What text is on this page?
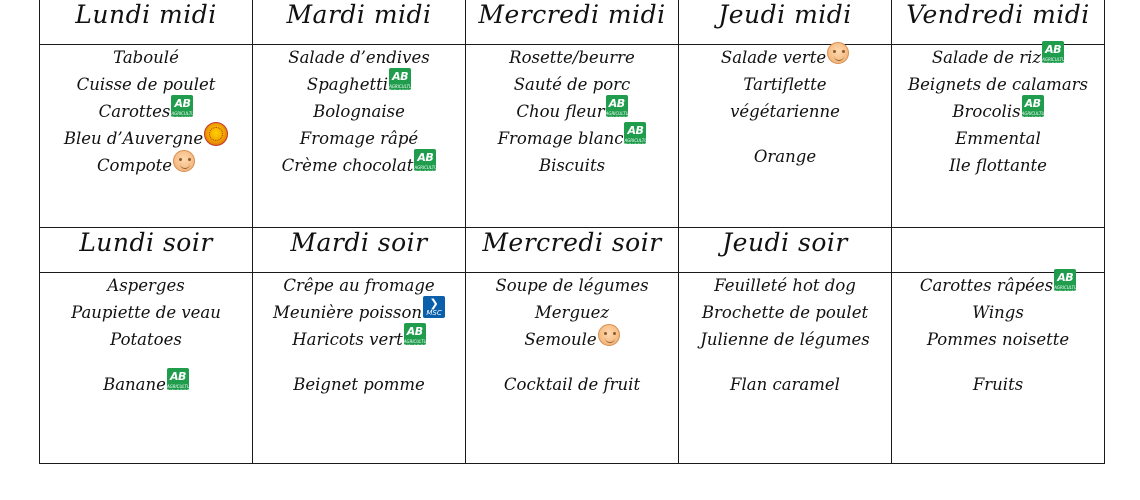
Lundi midi	Mardi midi	Mercredi midi	Jeudi midi	Vendredi midi

Taboulé
Cuisse de poulet
Carottes AB
AGRICULTURE
BIOLOGIQUE
Bleu d’Auvergne
Compote

Salade d’endives
Spaghetti AB
AGRICULTURE
BIOLOGIQUE
Bolognaise
Fromage râpé
Crème chocolat AB
AGRICULTURE
BIOLOGIQUE

Rosette/beurre
Sauté de porc
Chou fleur AB
AGRICULTURE
BIOLOGIQUE
Fromage blanc AB
AGRICULTURE
BIOLOGIQUE
Biscuits

Salade verte
Tartiflette
végétarienne
Orange

Salade de riz AB
AGRICULTURE
BIOLOGIQUE
Beignets de calamars
Brocolis AB
AGRICULTURE
BIOLOGIQUE
Emmental
Ile flottante

Lundi soir	Mardi soir	Mercredi soir	Jeudi soir	

Asperges
Paupiette de veau
Potatoes
Banane AB
AGRICULTURE
BIOLOGIQUE

Crêpe au fromage
Meunière poisson ❯
MSC
Haricots vert AB
AGRICULTURE
BIOLOGIQUE
Beignet pomme

Soupe de légumes
Merguez
Semoule
Cocktail de fruit

Feuilleté hot dog
Brochette de poulet
Julienne de légumes
Flan caramel

Carottes râpées AB
AGRICULTURE
BIOLOGIQUE
Wings
Pommes noisette
Fruits
